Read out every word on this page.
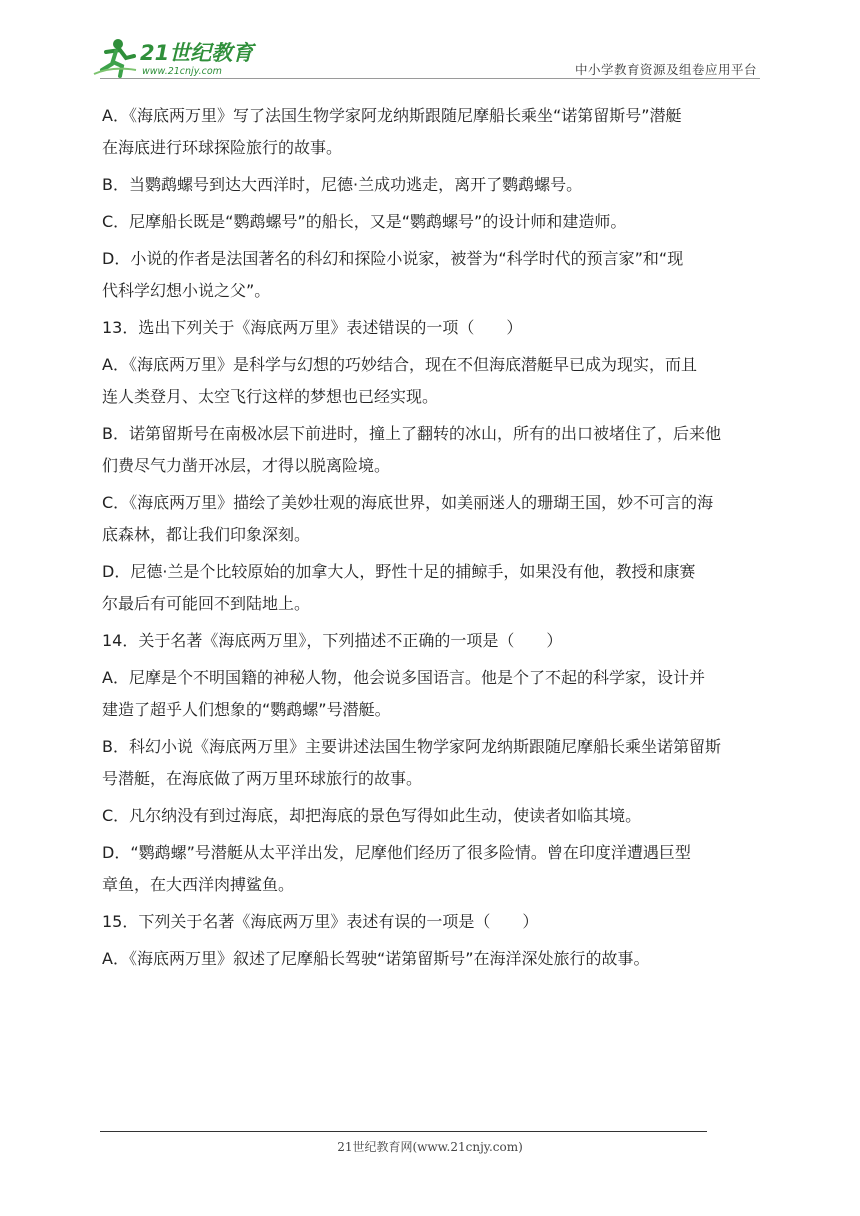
21世纪教育
www.21cnjy.com	中小学教育资源及组卷应用平台
A．《海底两万里》写了法国生物学家阿龙纳斯跟随尼摩船长乘坐“诺第留斯号”潜艇
在海底进行环球探险旅行的故事。
B．当鹦鹉螺号到达大西洋时，尼德·兰成功逃走，离开了鹦鹉螺号。
C．尼摩船长既是“鹦鹉螺号”的船长，又是“鹦鹉螺号”的设计师和建造师。
D．小说的作者是法国著名的科幻和探险小说家，被誉为“科学时代的预言家”和“现
代科学幻想小说之父”。
13．选出下列关于《海底两万里》表述错误的一项（　　）
A．《海底两万里》是科学与幻想的巧妙结合，现在不但海底潜艇早已成为现实，而且
连人类登月、太空飞行这样的梦想也已经实现。
B．诺第留斯号在南极冰层下前进时，撞上了翻转的冰山，所有的出口被堵住了，后来他
们费尽气力凿开冰层，才得以脱离险境。
C．《海底两万里》描绘了美妙壮观的海底世界，如美丽迷人的珊瑚王国，妙不可言的海
底森林，都让我们印象深刻。
D．尼德·兰是个比较原始的加拿大人，野性十足的捕鲸手，如果没有他，教授和康赛
尔最后有可能回不到陆地上。
14．关于名著《海底两万里》，下列描述不正确的一项是（　　）
A．尼摩是个不明国籍的神秘人物，他会说多国语言。他是个了不起的科学家，设计并
建造了超乎人们想象的“鹦鹉螺”号潜艇。
B．科幻小说《海底两万里》主要讲述法国生物学家阿龙纳斯跟随尼摩船长乘坐诺第留斯
号潜艇，在海底做了两万里环球旅行的故事。
C．凡尔纳没有到过海底，却把海底的景色写得如此生动，使读者如临其境。
D．“鹦鹉螺”号潜艇从太平洋出发，尼摩他们经历了很多险情。曾在印度洋遭遇巨型
章鱼，在大西洋肉搏鲨鱼。
15．下列关于名著《海底两万里》表述有误的一项是（　　）
A．《海底两万里》叙述了尼摩船长驾驶“诺第留斯号”在海洋深处旅行的故事。
21世纪教育网(www.21cnjy.com)
